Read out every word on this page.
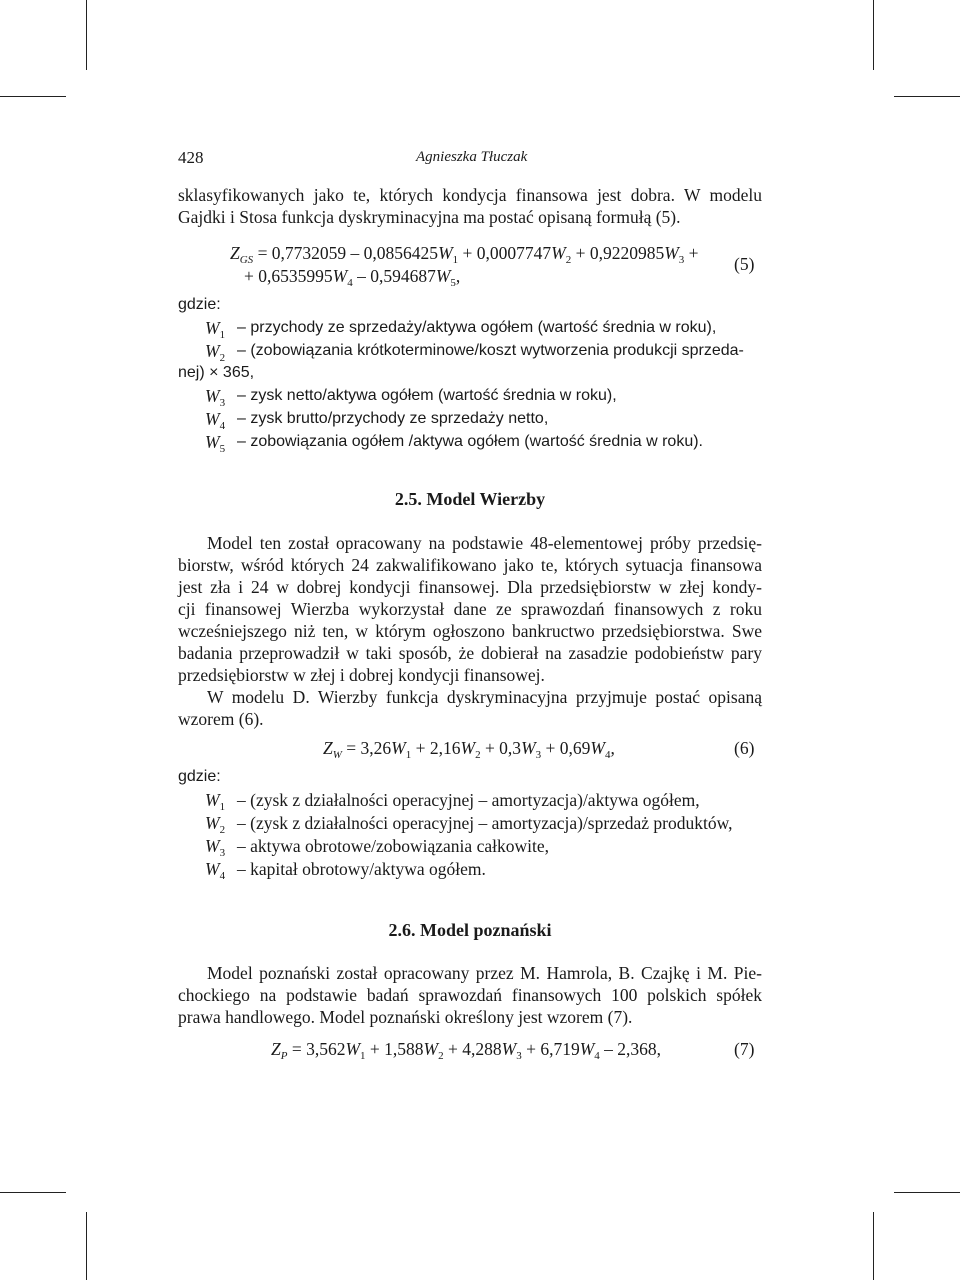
428	Agnieszka Tłuczak
sklasyfikowanych jako te, których kondycja finansowa jest dobra. W modelu
Gajdki i Stosa funkcja dyskryminacyjna ma postać opisaną formułą (5).
$Z_{GS} = 0,7732059 - 0,0856425W_1 + 0,0007747W_2 + 0,9220985W_3$ +
+ $0,6535995W_4 - 0,594687W_5$,
(5)
gdzie:
$W_1$ – przychody ze sprzedaży/aktywa ogółem (wartość średnia w roku),
$W_2$ – (zobowiązania krótkoterminowe/koszt wytworzenia produkcji sprzeda-
nej) × 365,
$W_3$ – zysk netto/aktywa ogółem (wartość średnia w roku),
$W_4$ – zysk brutto/przychody ze sprzedaży netto,
$W_5$ – zobowiązania ogółem /aktywa ogółem (wartość średnia w roku).
2.5. Model Wierzby
Model ten został opracowany na podstawie 48-elementowej próby przedsię-
biorstw, wśród których 24 zakwalifikowano jako te, których sytuacja finansowa
jest zła i 24 w dobrej kondycji finansowej. Dla przedsiębiorstw w złej kondy-
cji finansowej Wierzba wykorzystał dane ze sprawozdań finansowych z roku
wcześniejszego niż ten, w którym ogłoszono bankructwo przedsiębiorstwa. Swe
badania przeprowadził w taki sposób, że dobierał na zasadzie podobieństw pary
przedsiębiorstw w złej i dobrej kondycji finansowej.
W modelu D. Wierzby funkcja dyskryminacyjna przyjmuje postać opisaną
wzorem (6).
$Z_W = 3,26W_1 + 2,16W_2 + 0,3W_3 + 0,69W_4$,	(6)
gdzie:
$W_1$ – (zysk z działalności operacyjnej – amortyzacja)/aktywa ogółem,
$W_2$ – (zysk z działalności operacyjnej – amortyzacja)/sprzedaż produktów,
$W_3$ – aktywa obrotowe/zobowiązania całkowite,
$W_4$ – kapitał obrotowy/aktywa ogółem.
2.6. Model poznański
Model poznański został opracowany przez M. Hamrola, B. Czajkę i M. Pie-
chockiego na podstawie badań sprawozdań finansowych 100 polskich spółek
prawa handlowego. Model poznański określony jest wzorem (7).
$Z_P = 3,562W_1 + 1,588W_2 + 4,288W_3 + 6,719W_4 - 2,368$,	(7)
